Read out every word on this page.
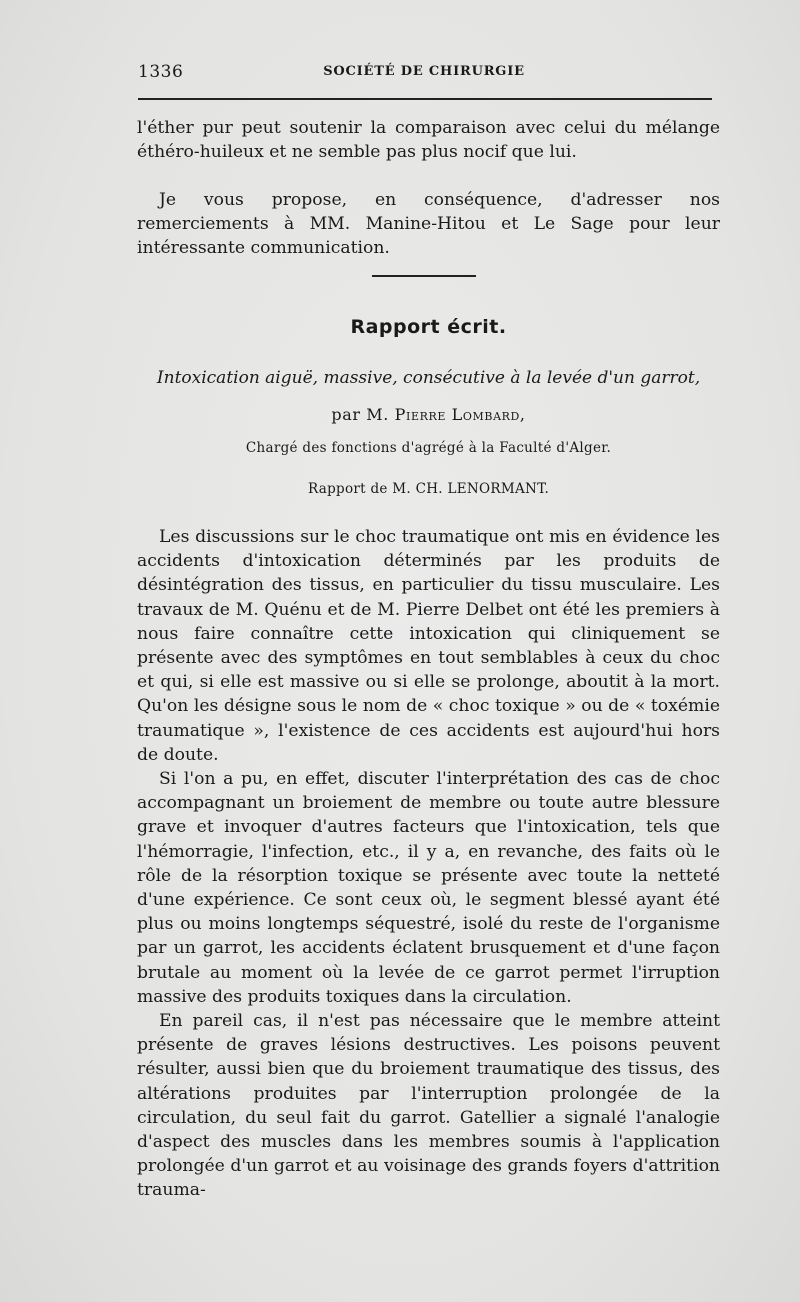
1336	SOCIÉTÉ DE CHIRURGIE

l'éther pur peut soutenir la comparaison avec celui du mélange éthéro-huileux et ne semble pas plus nocif que lui.

Je vous propose, en conséquence, d'adresser nos remerciements à MM. Manine-Hitou et Le Sage pour leur intéressante communication.

Rapport écrit.
Intoxication aiguë, massive, consécutive à la levée d'un garrot,
par M. Pierre Lombard,
Chargé des fonctions d'agrégé à la Faculté d'Alger.
Rapport de M. CH. LENORMANT.

Les discussions sur le choc traumatique ont mis en évidence les accidents d'intoxication déterminés par les produits de désintégration des tissus, en particulier du tissu musculaire. Les travaux de M. Quénu et de M. Pierre Delbet ont été les premiers à nous faire connaître cette intoxication qui cliniquement se présente avec des symptômes en tout semblables à ceux du choc et qui, si elle est massive ou si elle se prolonge, aboutit à la mort. Qu'on les désigne sous le nom de « choc toxique » ou de « toxémie traumatique », l'existence de ces accidents est aujourd'hui hors de doute.

Si l'on a pu, en effet, discuter l'interprétation des cas de choc accompagnant un broiement de membre ou toute autre blessure grave et invoquer d'autres facteurs que l'intoxication, tels que l'hémorragie, l'infection, etc., il y a, en revanche, des faits où le rôle de la résorption toxique se présente avec toute la netteté d'une expérience. Ce sont ceux où, le segment blessé ayant été plus ou moins longtemps séquestré, isolé du reste de l'organisme par un garrot, les accidents éclatent brusquement et d'une façon brutale au moment où la levée de ce garrot permet l'irruption massive des produits toxiques dans la circulation.

En pareil cas, il n'est pas nécessaire que le membre atteint présente de graves lésions destructives. Les poisons peuvent résulter, aussi bien que du broiement traumatique des tissus, des altérations produites par l'interruption prolongée de la circulation, du seul fait du garrot. Gatellier a signalé l'analogie d'aspect des muscles dans les membres soumis à l'application prolongée d'un garrot et au voisinage des grands foyers d'attrition trauma-
